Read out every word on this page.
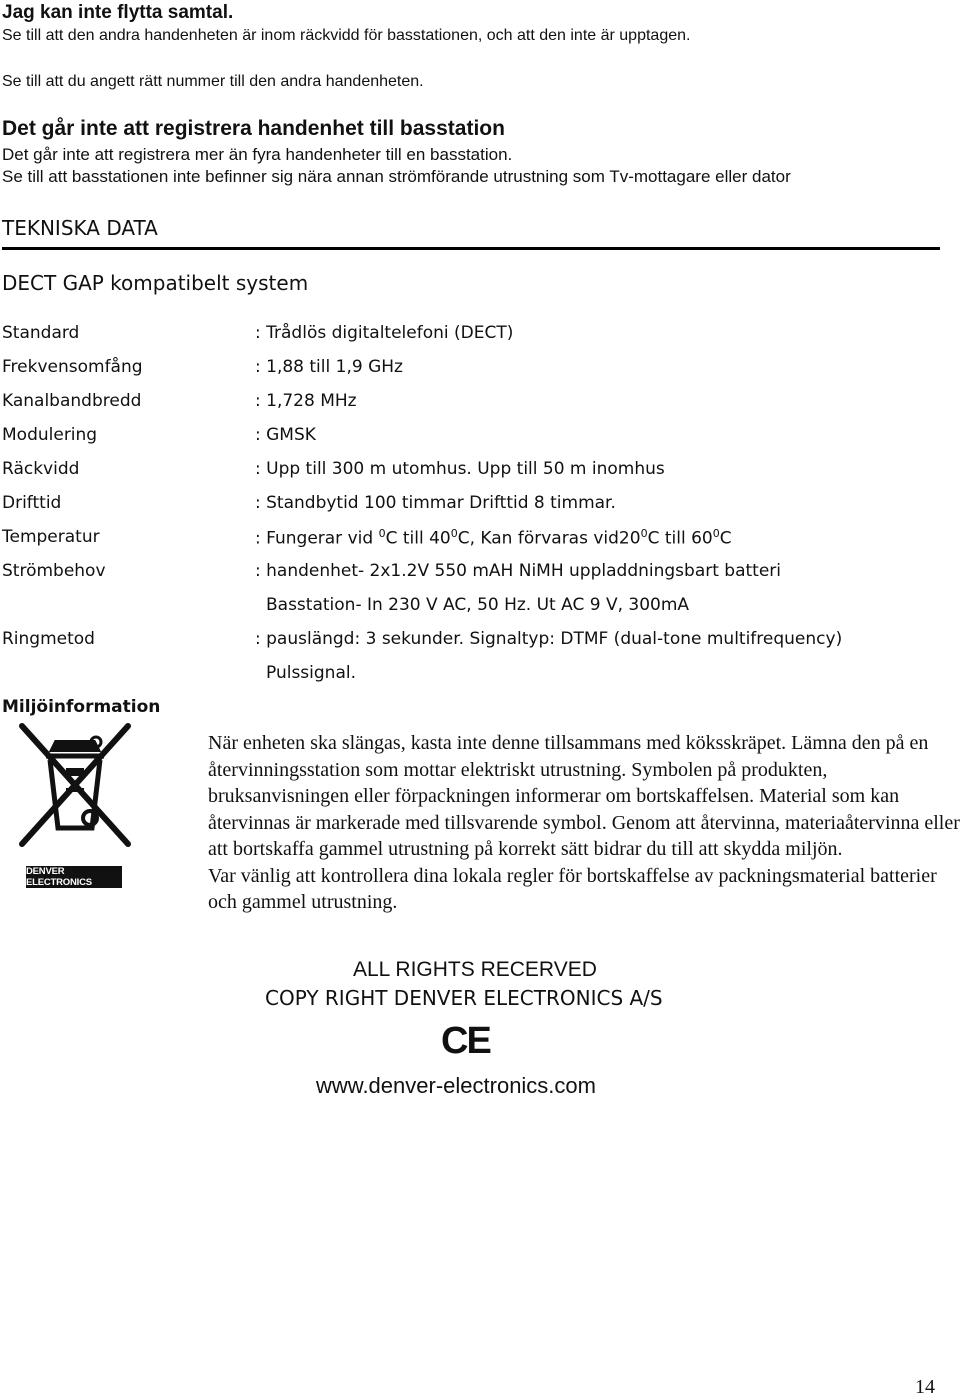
Jag kan inte flytta samtal.
Se till att den andra handenheten är inom räckvidd för basstationen, och att den inte är upptagen.
Se till att du angett rätt nummer till den andra handenheten.
Det går inte att registrera handenhet till basstation
Det går inte att registrera mer än fyra handenheter till en basstation.
Se till att basstationen inte befinner sig nära annan strömförande utrustning som Tv-mottagare eller dator
TEKNISKA DATA
DECT GAP kompatibelt system
Standard	: Trådlös digitaltelefoni (DECT)
Frekvensomfång	: 1,88 till 1,9 GHz
Kanalbandbredd	: 1,728 MHz
Modulering	: GMSK
Räckvidd	: Upp till 300 m utomhus. Upp till 50 m inomhus
Drifttid	: Standbytid 100 timmar Drifttid 8 timmar.
Temperatur	: Fungerar vid $^0$C till $40^0C$, Kan förvaras $vid20^0C$ till $60^0C$
Strömbehov	: handenhet- 2x1.2V 550 mAH NiMH uppladdningsbart batteri
Basstation- In 230 V AC, 50 Hz. Ut AC 9 V, 300mA
Ringmetod	: pauslängd: 3 sekunder. Signaltyp: DTMF (dual-tone multifrequency)
Pulssignal.
Miljöinformation
DENVER ELECTRONICS

När enheten ska slängas, kasta inte denne tillsammans med köksskräpet. Lämna den på en återvinningsstation som mottar elektriskt utrustning. Symbolen på produkten, bruksanvisningen eller förpackningen informerar om bortskaffelsen. Material som kan återvinnas är markerade med tillsvarende symbol. Genom att återvinna, materiaåtervinna eller att bortskaffa gammel utrustning på korrekt sätt bidrar du till att skydda miljön.

Var vänlig att kontrollera dina lokala regler för bortskaffelse av packningsmaterial batterier och gammel utrustning.

ALL RIGHTS RECERVED
COPY RIGHT DENVER ELECTRONICS A/S
CE
www.denver-electronics.com
14
